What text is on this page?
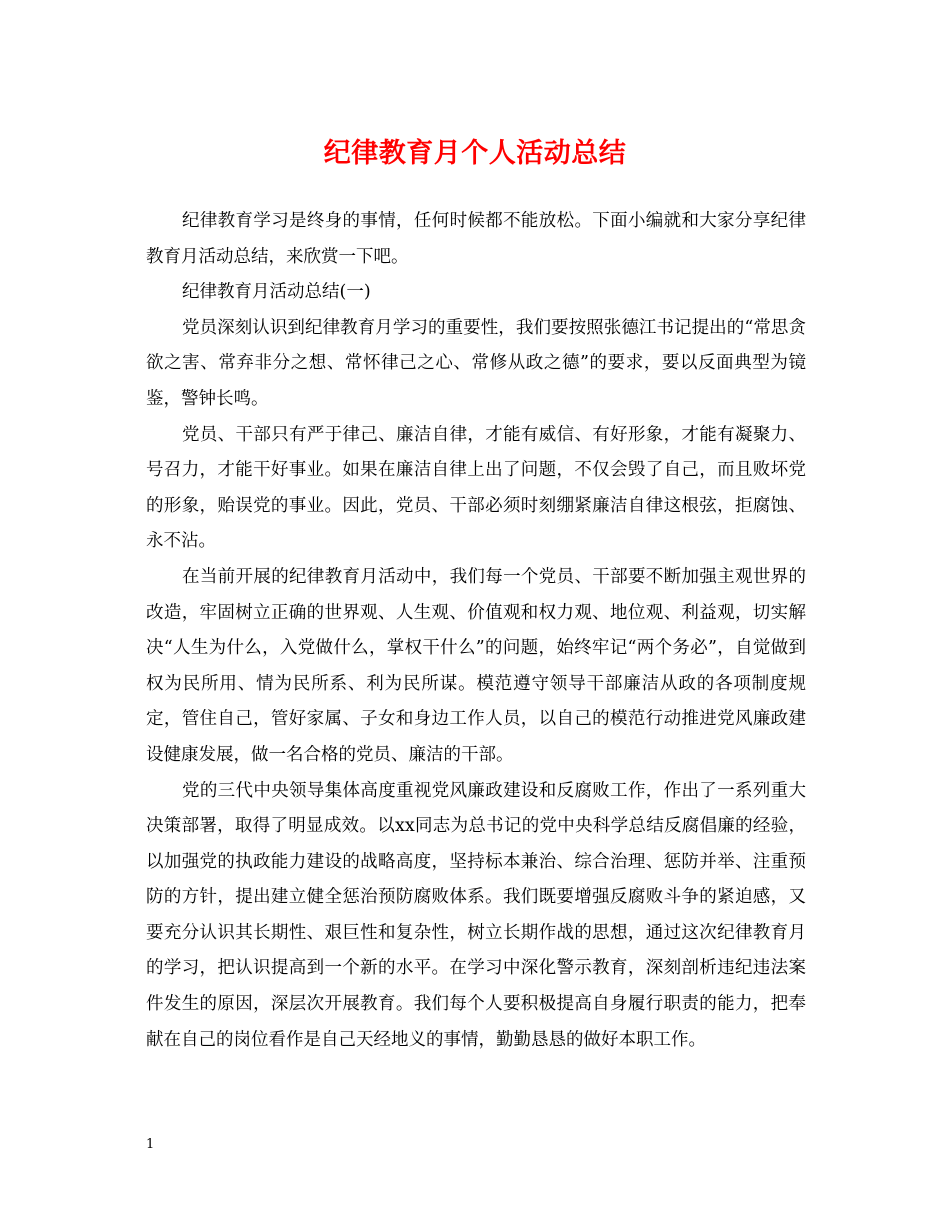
纪律教育月个人活动总结

纪律教育学习是终身的事情，任何时候都不能放松。下面小编就和大家分享纪律教育月活动总结，来欣赏一下吧。

纪律教育月活动总结(一)

党员深刻认识到纪律教育月学习的重要性，我们要按照张德江书记提出的“常思贪欲之害、常弃非分之想、常怀律己之心、常修从政之德”的要求，要以反面典型为镜鉴，警钟长鸣。

党员、干部只有严于律己、廉洁自律，才能有威信、有好形象，才能有凝聚力、号召力，才能干好事业。如果在廉洁自律上出了问题，不仅会毁了自己，而且败坏党的形象，贻误党的事业。因此，党员、干部必须时刻绷紧廉洁自律这根弦，拒腐蚀、永不沾。

在当前开展的纪律教育月活动中，我们每一个党员、干部要不断加强主观世界的改造，牢固树立正确的世界观、人生观、价值观和权力观、地位观、利益观，切实解决“人生为什么，入党做什么，掌权干什么”的问题，始终牢记“两个务必”，自觉做到权为民所用、情为民所系、利为民所谋。模范遵守领导干部廉洁从政的各项制度规定，管住自己，管好家属、子女和身边工作人员，以自己的模范行动推进党风廉政建设健康发展，做一名合格的党员、廉洁的干部。

党的三代中央领导集体高度重视党风廉政建设和反腐败工作，作出了一系列重大决策部署，取得了明显成效。以xx同志为总书记的党中央科学总结反腐倡廉的经验，以加强党的执政能力建设的战略高度，坚持标本兼治、综合治理、惩防并举、注重预防的方针，提出建立健全惩治预防腐败体系。我们既要增强反腐败斗争的紧迫感，又要充分认识其长期性、艰巨性和复杂性，树立长期作战的思想，通过这次纪律教育月的学习，把认识提高到一个新的水平。在学习中深化警示教育，深刻剖析违纪违法案件发生的原因，深层次开展教育。我们每个人要积极提高自身履行职责的能力，把奉献在自己的岗位看作是自己天经地义的事情，勤勤恳恳的做好本职工作。

1
